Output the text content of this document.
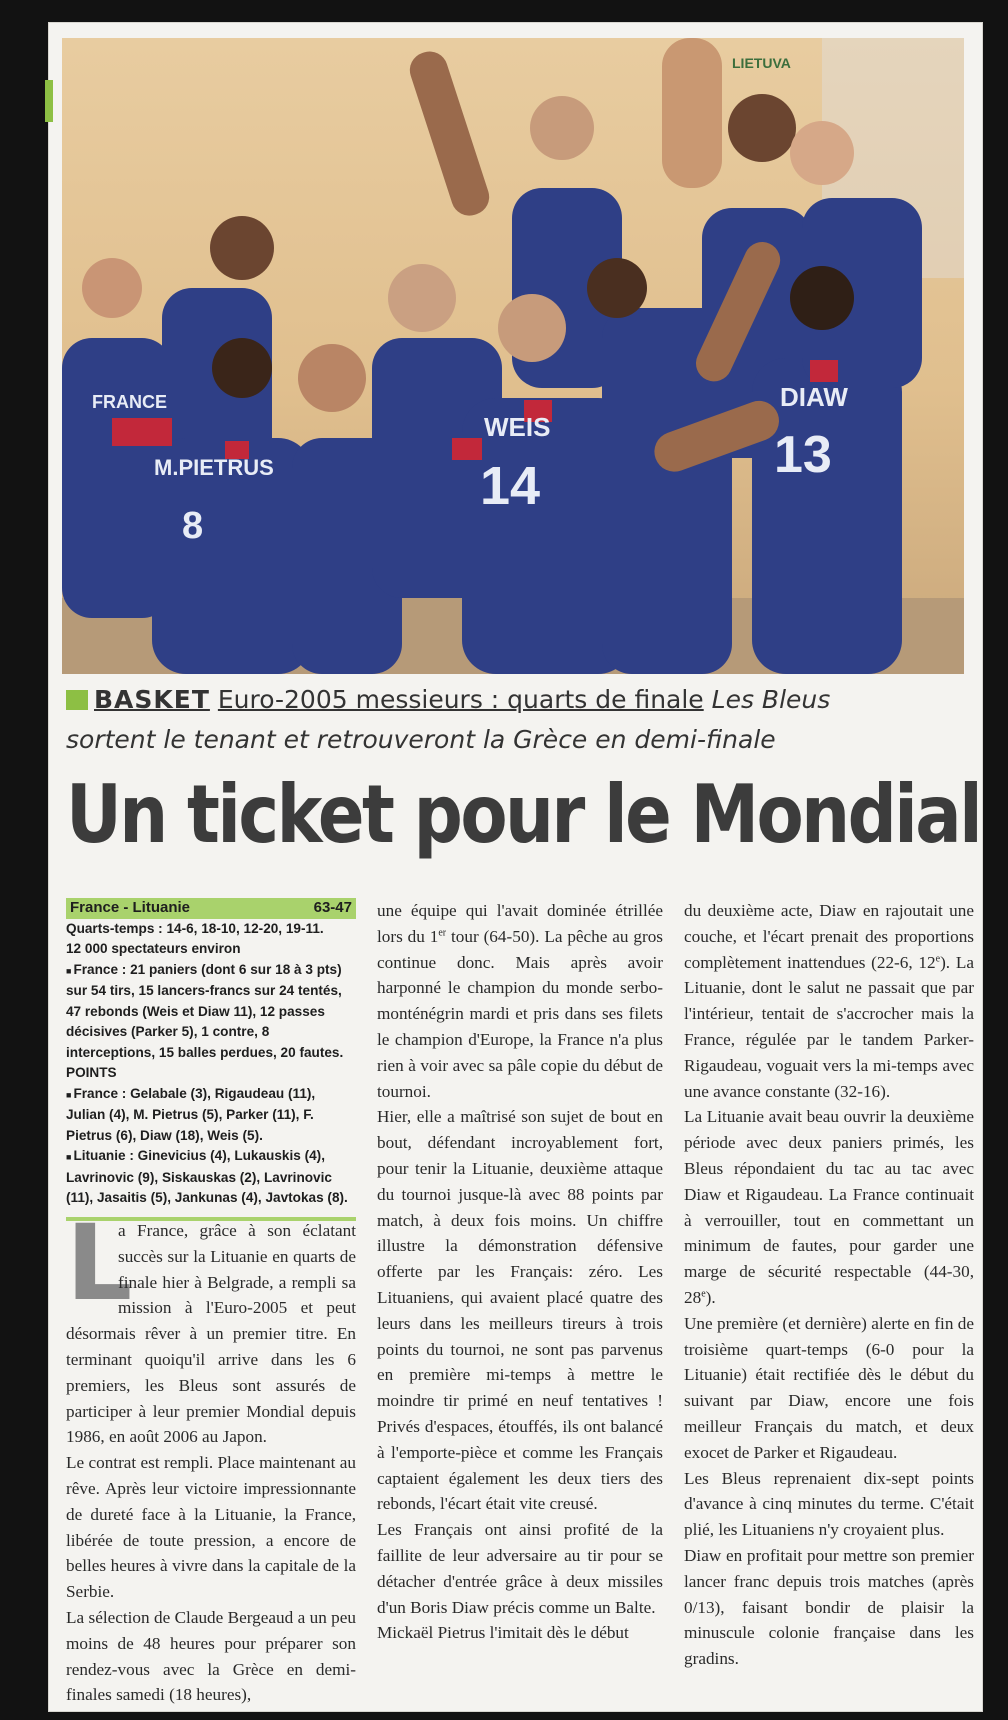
M.PIETRUS
8
WEIS
14
DIAW
13
FRANCE
LIETUVA
BASKET Euro-2005 messieurs : quarts de finale Les Bleus
sortent le tenant et retrouveront la Grèce en demi-finale
Un ticket pour le Mondial
France - Lituanie	63-47
Quarts-temps : 14-6, 18-10, 12-20, 19-11.
12 000 spectateurs environ
■ France : 21 paniers (dont 6 sur 18 à 3 pts) sur 54 tirs, 15 lancers-francs sur 24 tentés, 47 rebonds (Weis et Diaw 11), 12 passes décisives (Parker 5), 1 contre, 8 interceptions, 15 balles perdues, 20 fautes.
POINTS
■ France : Gelabale (3), Rigaudeau (11), Julian (4), M. Pietrus (5), Parker (11), F. Pietrus (6), Diaw (18), Weis (5).
■ Lituanie : Ginevicius (4), Lukauskis (4), Lavrinovic (9), Siskauskas (2), Lavrinovic (11), Jasaitis (5), Jankunas (4), Javtokas (8).

L
a France, grâce à son éclatant succès sur la Lituanie en quarts de finale hier à Belgrade, a rempli sa mission à l'Euro-2005 et peut désormais rêver à un premier titre. En terminant quoiqu'il arrive dans les 6 premiers, les Bleus sont assurés de participer à leur premier Mondial depuis 1986, en août 2006 au Japon.

Le contrat est rempli. Place maintenant au rêve. Après leur victoire impressionnante de dureté face à la Lituanie, la France, libérée de toute pression, a encore de belles heures à vivre dans la capitale de la Serbie.

La sélection de Claude Bergeaud a un peu moins de 48 heures pour préparer son rendez-vous avec la Grèce en demi-finales samedi (18 heures),

une équipe qui l'avait dominée étrillée lors du 1er tour (64-50). La pêche au gros continue donc. Mais après avoir harponné le champion du monde serbo-monténégrin mardi et pris dans ses filets le champion d'Europe, la France n'a plus rien à voir avec sa pâle copie du début de tournoi.

Hier, elle a maîtrisé son sujet de bout en bout, défendant incroyablement fort, pour tenir la Lituanie, deuxième attaque du tournoi jusque-là avec 88 points par match, à deux fois moins. Un chiffre illustre la démonstration défensive offerte par les Français: zéro. Les Lituaniens, qui avaient placé quatre des leurs dans les meilleurs tireurs à trois points du tournoi, ne sont pas parvenus en première mi-temps à mettre le moindre tir primé en neuf tentatives ! Privés d'espaces, étouffés, ils ont balancé à l'emporte-pièce et comme les Français captaient également les deux tiers des rebonds, l'écart était vite creusé.

Les Français ont ainsi profité de la faillite de leur adversaire au tir pour se détacher d'entrée grâce à deux missiles d'un Boris Diaw précis comme un Balte.

Mickaël Pietrus l'imitait dès le début

du deuxième acte, Diaw en rajoutait une couche, et l'écart prenait des proportions complètement inattendues (22-6, 12e). La Lituanie, dont le salut ne passait que par l'intérieur, tentait de s'accrocher mais la France, régulée par le tandem Parker-Rigaudeau, voguait vers la mi-temps avec une avance constante (32-16).

La Lituanie avait beau ouvrir la deuxième période avec deux paniers primés, les Bleus répondaient du tac au tac avec Diaw et Rigaudeau. La France continuait à verrouiller, tout en commettant un minimum de fautes, pour garder une marge de sécurité respectable (44-30, 28e).

Une première (et dernière) alerte en fin de troisième quart-temps (6-0 pour la Lituanie) était rectifiée dès le début du suivant par Diaw, encore une fois meilleur Français du match, et deux exocet de Parker et Rigaudeau.

Les Bleus reprenaient dix-sept points d'avance à cinq minutes du terme. C'était plié, les Lituaniens n'y croyaient plus.

Diaw en profitait pour mettre son premier lancer franc depuis trois matches (après 0/13), faisant bondir de plaisir la minuscule colonie française dans les gradins.
